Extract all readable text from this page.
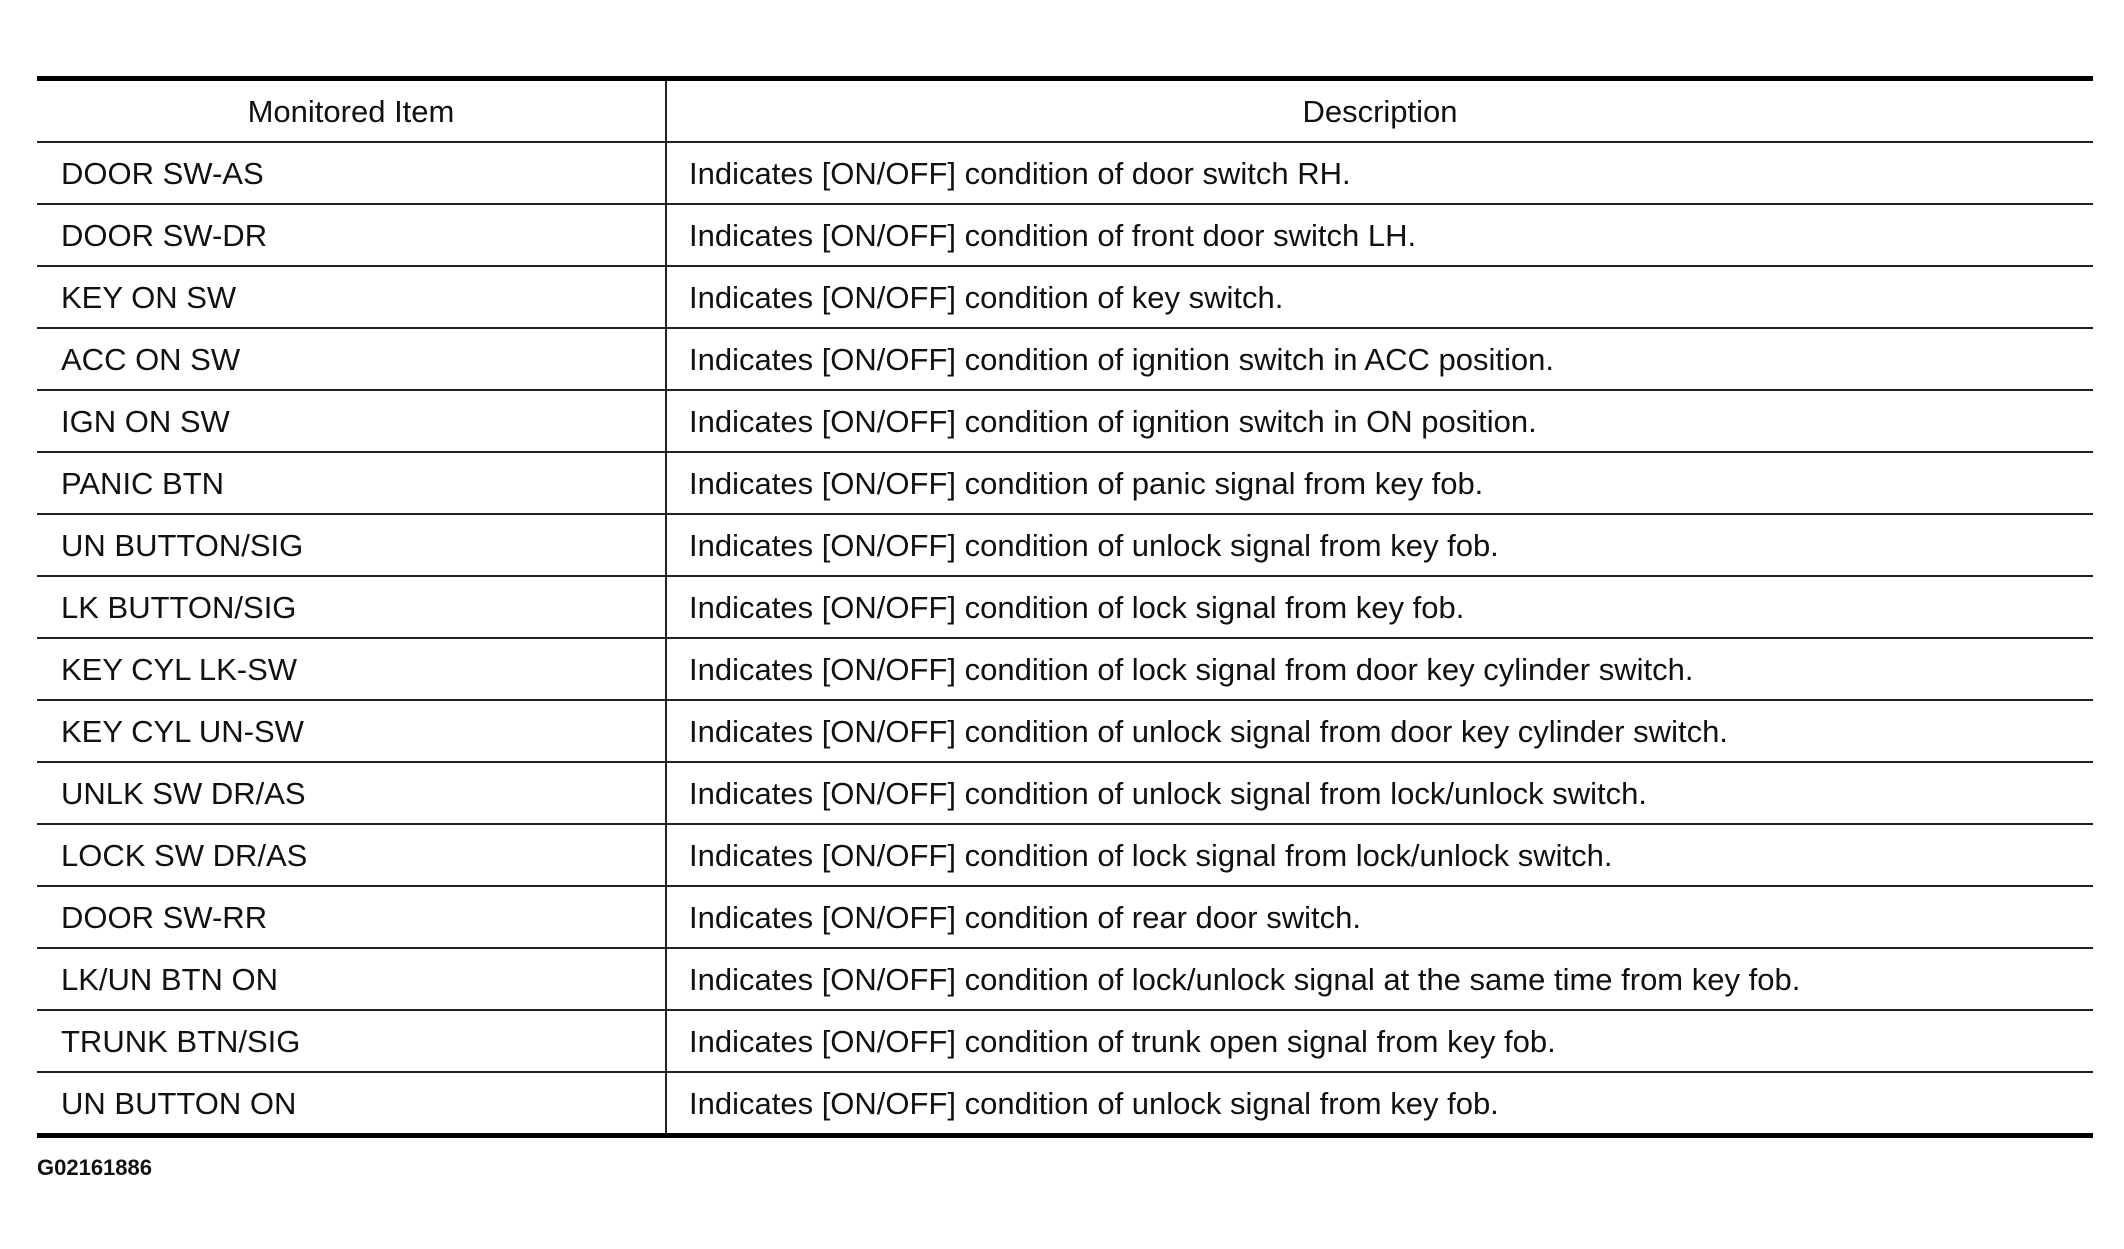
Monitored Item	Description
DOOR SW-AS	Indicates [ON/OFF] condition of door switch RH.
DOOR SW-DR	Indicates [ON/OFF] condition of front door switch LH.
KEY ON SW	Indicates [ON/OFF] condition of key switch.
ACC ON SW	Indicates [ON/OFF] condition of ignition switch in ACC position.
IGN ON SW	Indicates [ON/OFF] condition of ignition switch in ON position.
PANIC BTN	Indicates [ON/OFF] condition of panic signal from key fob.
UN BUTTON/SIG	Indicates [ON/OFF] condition of unlock signal from key fob.
LK BUTTON/SIG	Indicates [ON/OFF] condition of lock signal from key fob.
KEY CYL LK-SW	Indicates [ON/OFF] condition of lock signal from door key cylinder switch.
KEY CYL UN-SW	Indicates [ON/OFF] condition of unlock signal from door key cylinder switch.
UNLK SW DR/AS	Indicates [ON/OFF] condition of unlock signal from lock/unlock switch.
LOCK SW DR/AS	Indicates [ON/OFF] condition of lock signal from lock/unlock switch.
DOOR SW-RR	Indicates [ON/OFF] condition of rear door switch.
LK/UN BTN ON	Indicates [ON/OFF] condition of lock/unlock signal at the same time from key fob.
TRUNK BTN/SIG	Indicates [ON/OFF] condition of trunk open signal from key fob.
UN BUTTON ON	Indicates [ON/OFF] condition of unlock signal from key fob.
G02161886
